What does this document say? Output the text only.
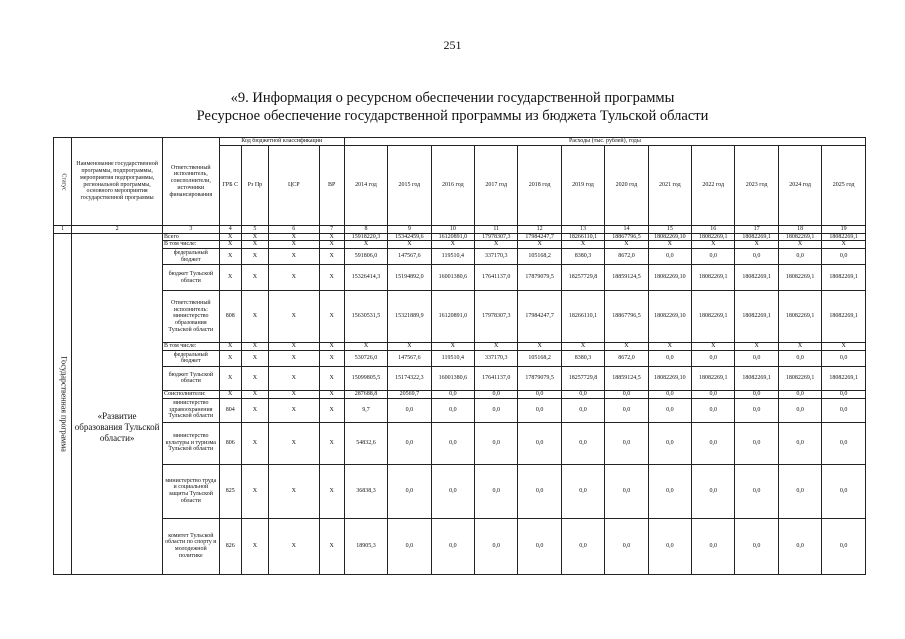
251
«9. Информация о ресурсном обеспечении государственной программы
Ресурсное обеспечение государственной программы из бюджета Тульской области
Статус	Наименование государственной программы, подпрограммы, мероприятия подпрограммы, региональной программы, основного мероприятия государственной программы	Ответственный исполнитель, соисполнители, источники финансирования	Код бюджетной классификации				Расходы (тыс. рублей), годы											
			ГРБ С	Рз Пр	ЦСР	ВР	2014 год	2015 год	2016 год	2017 год	2018 год	2019 год	2020 год	2021 год	2022 год	2023 год	2024 год	2025 год
1	2	3	4	5	6	7	8	9	10	11	12	13	14	15	16	17	18	19

Государственная программа	«Развитие образования Тульской области»	Всего	X	X	X	X	15918220,3	15342459,6	16120891,0	17978307,3	17984247,7	18266110,1	18867796,5	18082269,10	18082269,1	18082269,1	18082269,1	18082269,1
		В том числе:	X	X	X	X	X	X	X	X	X	X	X	X	X	X	X	X
		федеральный бюджет	X	X	X	X	591806,0	147567,6	119510,4	337170,3	105168,2	8380,3	8672,0	0,0	0,0	0,0	0,0	0,0
		бюджет Тульской области	X	X	X	X	15326414,3	15194892,0	16001380,6	17641137,0	17879079,5	18257729,8	18859124,5	18082269,10	18082269,1	18082269,1	18082269,1	18082269,1
		Ответственный исполнитель: министерство образования Тульской области	808	X	X	X	15630531,5	15321889,9	16120891,0	17978307,3	17984247,7	18266110,1	18867796,5	18082269,10	18082269,1	18082269,1	18082269,1	18082269,1
		В том числе:	X	X	X	X	X	X	X	X	X	X	X	X	X	X	X	X
		федеральный бюджет	X	X	X	X	530726,0	147567,6	119510,4	337170,3	105168,2	8380,3	8672,0	0,0	0,0	0,0	0,0	0,0
		бюджет Тульской области	X	X	X	X	15099805,5	15174322,3	16001380,6	17641137,0	17879079,5	18257729,8	18859124,5	18082269,10	18082269,1	18082269,1	18082269,1	18082269,1
		Соисполнители:	X	X	X	X	287688,8	20569,7	0,0	0,0	0,0	0,0	0,0	0,0	0,0	0,0	0,0	0,0
		министерство здравоохранения Тульской области	804	X	X	X	9,7	0,0	0,0	0,0	0,0	0,0	0,0	0,0	0,0	0,0	0,0	0,0
		министерство культуры и туризма Тульской области	806	X	X	X	54832,6	0,0	0,0	0,0	0,0	0,0	0,0	0,0	0,0	0,0	0,0	0,0
		министерство труда и социальной защиты Тульской области	825	X	X	X	36838,3	0,0	0,0	0,0	0,0	0,0	0,0	0,0	0,0	0,0	0,0	0,0
		комитет Тульской области по спорту и молодежной политике	826	X	X	X	18905,3	0,0	0,0	0,0	0,0	0,0	0,0	0,0	0,0	0,0	0,0	0,0
